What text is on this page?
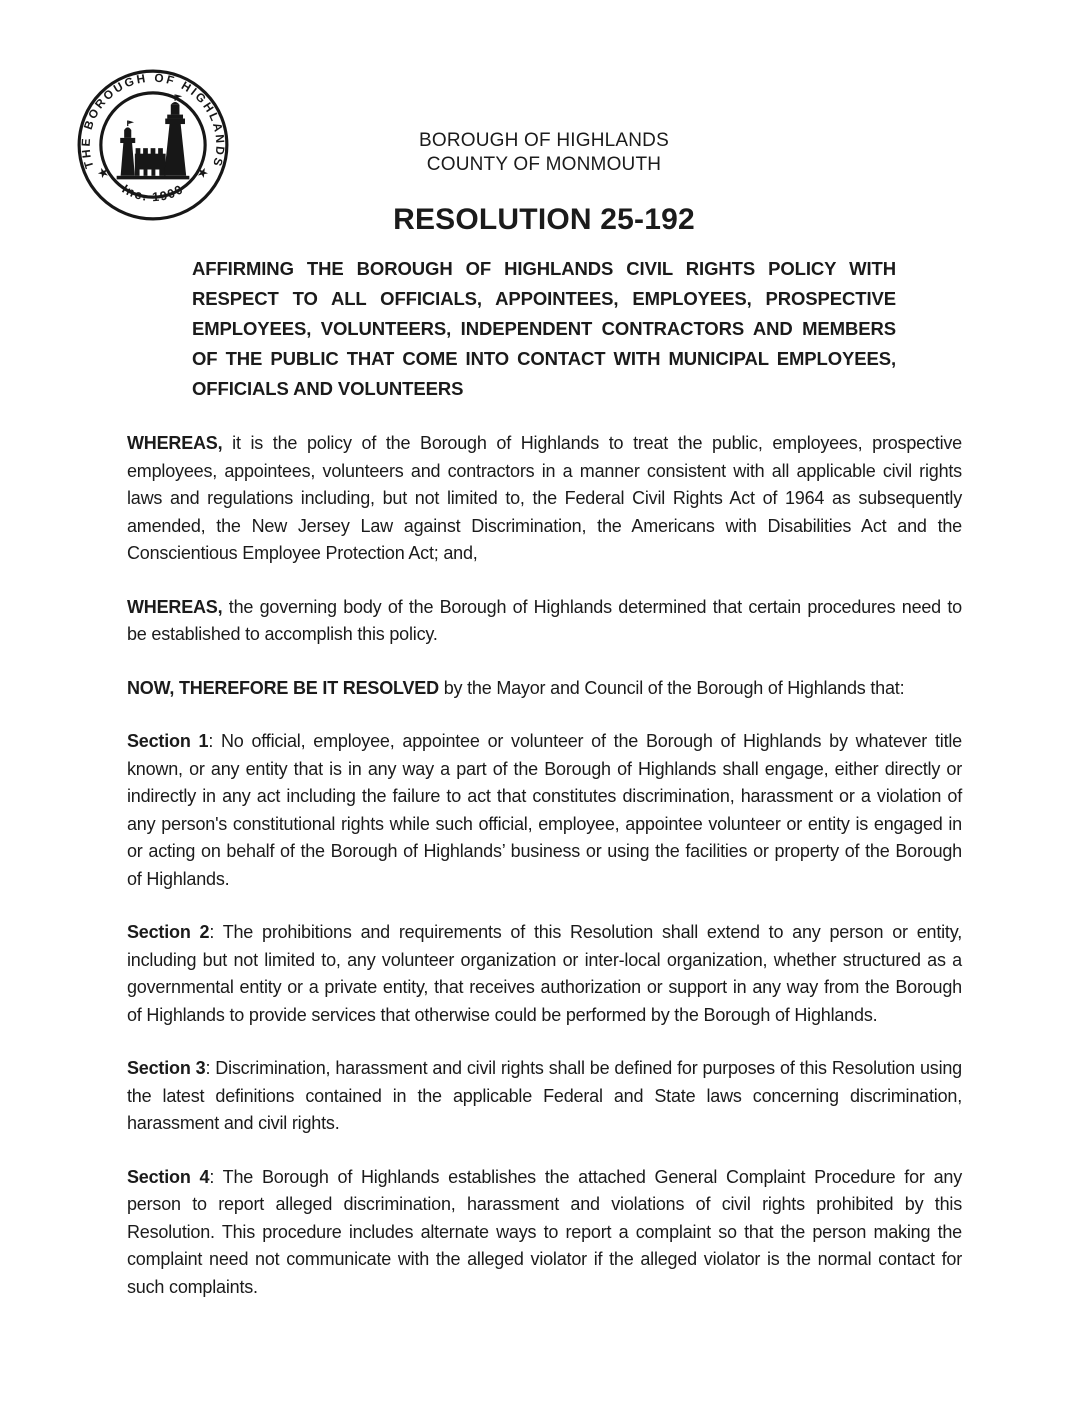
THE BOROUGH OF HIGHLANDS
Inc. 1900
★	★
BOROUGH OF HIGHLANDS
COUNTY OF MONMOUTH
RESOLUTION 25-192

AFFIRMING THE BOROUGH OF HIGHLANDS CIVIL RIGHTS POLICY WITH RESPECT TO ALL OFFICIALS, APPOINTEES, EMPLOYEES, PROSPECTIVE EMPLOYEES, VOLUNTEERS, INDEPENDENT CONTRACTORS AND MEMBERS OF THE PUBLIC THAT COME INTO CONTACT WITH MUNICIPAL EMPLOYEES, OFFICIALS AND VOLUNTEERS

WHEREAS, it is the policy of the Borough of Highlands to treat the public, employees, prospective employees, appointees, volunteers and contractors in a manner consistent with all applicable civil rights laws and regulations including, but not limited to, the Federal Civil Rights Act of 1964 as subsequently amended, the New Jersey Law against Discrimination, the Americans with Disabilities Act and the Conscientious Employee Protection Act; and,

WHEREAS, the governing body of the Borough of Highlands determined that certain procedures need to be established to accomplish this policy.

NOW, THEREFORE BE IT RESOLVED by the Mayor and Council of the Borough of Highlands that:

Section 1: No official, employee, appointee or volunteer of the Borough of Highlands by whatever title known, or any entity that is in any way a part of the Borough of Highlands shall engage, either directly or indirectly in any act including the failure to act that constitutes discrimination, harassment or a violation of any person's constitutional rights while such official, employee, appointee volunteer or entity is engaged in or acting on behalf of the Borough of Highlands’ business or using the facilities or property of the Borough of Highlands.

Section 2: The prohibitions and requirements of this Resolution shall extend to any person or entity, including but not limited to, any volunteer organization or inter-local organization, whether structured as a governmental entity or a private entity, that receives authorization or support in any way from the Borough of Highlands to provide services that otherwise could be performed by the Borough of Highlands.

Section 3: Discrimination, harassment and civil rights shall be defined for purposes of this Resolution using the latest definitions contained in the applicable Federal and State laws concerning discrimination, harassment and civil rights.

Section 4: The Borough of Highlands establishes the attached General Complaint Procedure for any person to report alleged discrimination, harassment and violations of civil rights prohibited by this Resolution. This procedure includes alternate ways to report a complaint so that the person making the complaint need not communicate with the alleged violator if the alleged violator is the normal contact for such complaints.
